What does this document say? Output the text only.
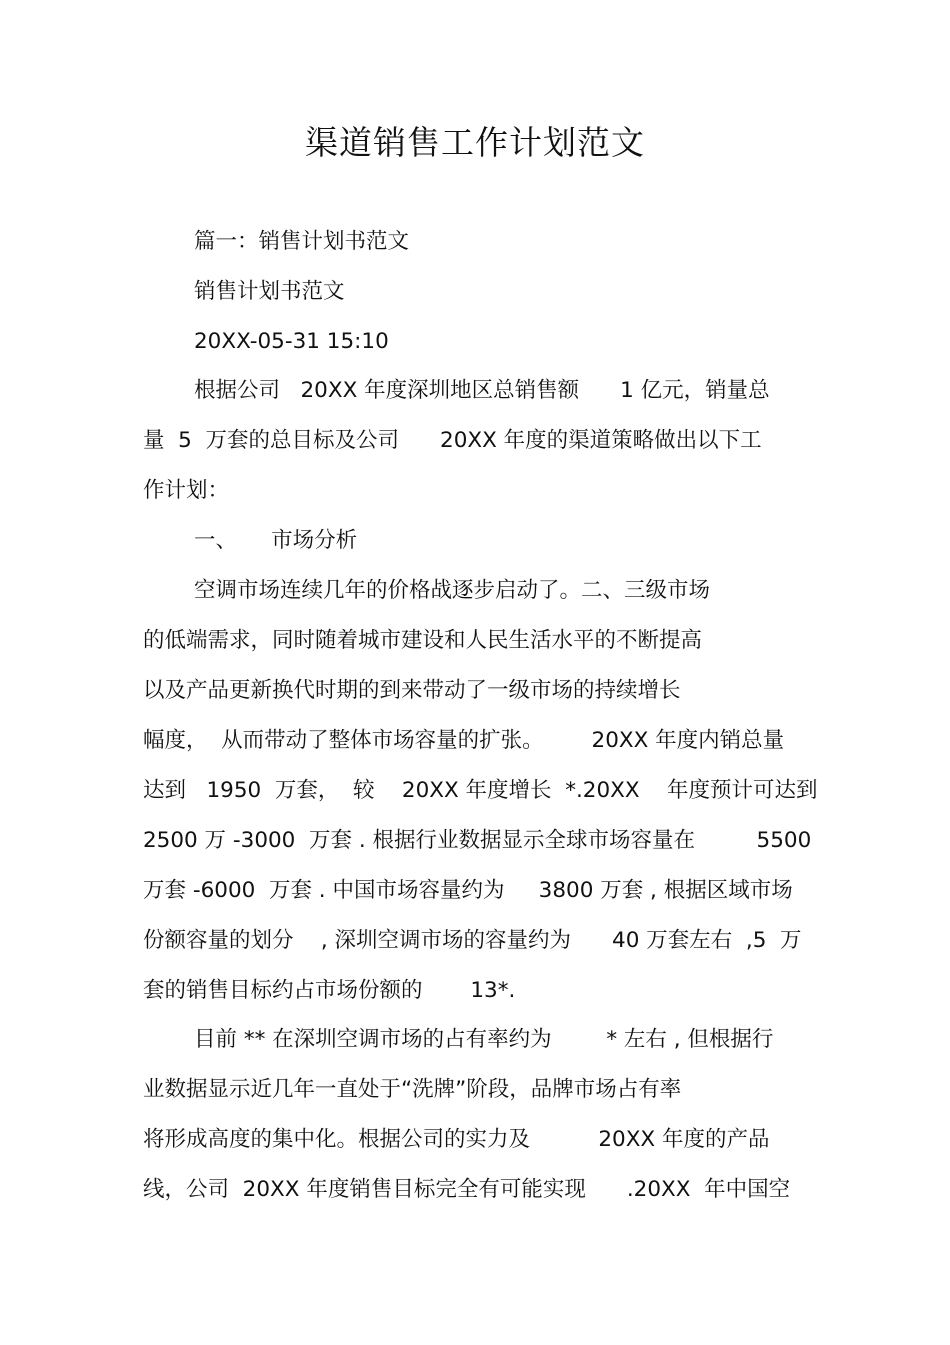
渠道销售工作计划范文
篇一：销售计划书范文
销售计划书范文
20XX-05-31 15:10
根据公司   20XX 年度深圳地区总销售额      1 亿元，销量总
量  5  万套的总目标及公司      20XX 年度的渠道策略做出以下工
作计划：
一、     市场分析
空调市场连续几年的价格战逐步启动了。二、三级市场
的低端需求，同时随着城市建设和人民生活水平的不断提高
以及产品更新换代时期的到来带动了一级市场的持续增长
幅度，  从而带动了整体市场容量的扩张。       20XX 年度内销总量
达到   1950  万套，  较    20XX 年度增长  *.20XX    年度预计可达到
2500 万 -3000  万套 . 根据行业数据显示全球市场容量在         5500
万套 -6000  万套 . 中国市场容量约为     3800 万套 , 根据区域市场
份额容量的划分    , 深圳空调市场的容量约为      40 万套左右  ,5  万
套的销售目标约占市场份额的       13*.
目前 ** 在深圳空调市场的占有率约为        * 左右 , 但根据行
业数据显示近几年一直处于“洗牌”阶段，品牌市场占有率
将形成高度的集中化。根据公司的实力及          20XX 年度的产品
线，公司  20XX 年度销售目标完全有可能实现      .20XX  年中国空
